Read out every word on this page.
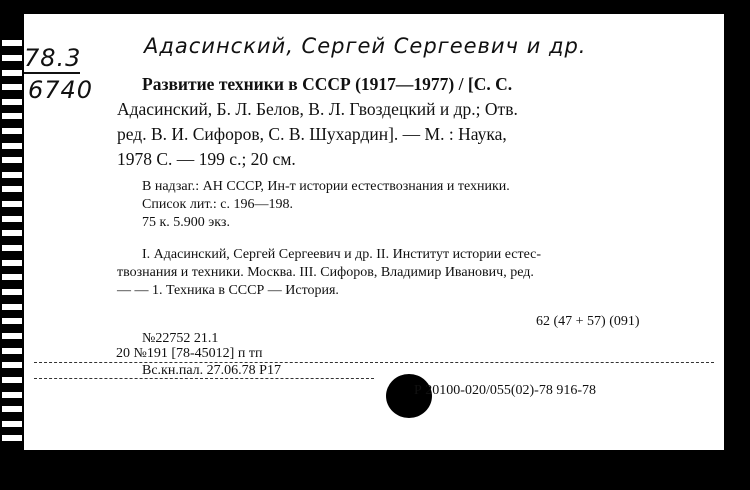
78.3
6740
Адасинский, Сергей Сергеевич и др.
Развитие техники в СССР (1917—1977) / [С. С.
Адасинский, Б. Л. Белов, В. Л. Гвоздецкий и др.; Отв.
ред. В. И. Сифоров, С. В. Шухардин]. — М. : Наука,
1978 С. — 199 с.; 20 см.
В надзаг.: АН СССР, Ин-т истории естествознания и техники.
Список лит.: с. 196—198.
75 к. 5.900 экз.
I. Адасинский, Сергей Сергеевич и др. II. Институт истории естес-
твознания и техники. Москва. III. Сифоров, Владимир Иванович, ред.
— — 1. Техника в СССР — История.
62 (47 + 57) (091)
№22752 21.1
20 №191 [78-45012] п тп
Вс.кн.пал. 27.06.78 Р17
Р 20100-020/055(02)-78 916-78
